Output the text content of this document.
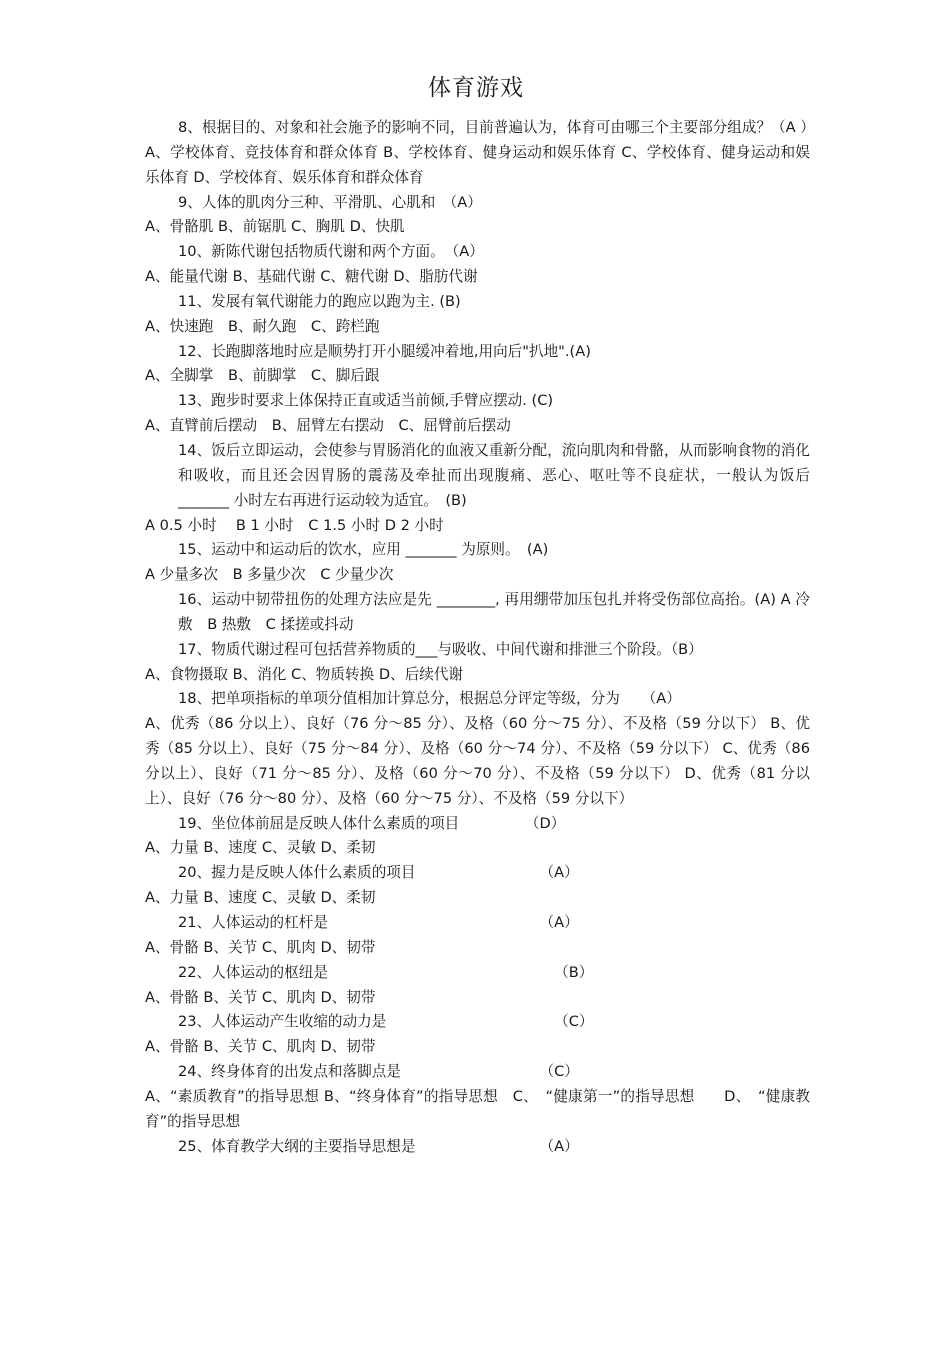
体育游戏

8、根据目的、对象和社会施予的影响不同，目前普遍认为，体育可由哪三个主要部分组成？（A ）

A、学校体育、竞技体育和群众体育 B、学校体育、健身运动和娱乐体育 C、学校体育、健身运动和娱乐体育 D、学校体育、娱乐体育和群众体育

9、人体的肌肉分三种、平滑肌、心肌和　（A）

A、骨骼肌 B、前锯肌 C、胸肌 D、快肌

10、新陈代谢包括物质代谢和两个方面。　（A）

A、能量代谢 B、基础代谢 C、糖代谢 D、脂肪代谢

11、发展有氧代谢能力的跑应以跑为主. (B)

A、快速跑　B、耐久跑　C、跨栏跑

12、长跑脚落地时应是顺势打开小腿缓冲着地,用向后"扒地".(A)

A、全脚掌　B、前脚掌　C、脚后跟

13、跑步时要求上体保持正直或适当前倾,手臂应摆动. (C)

A、直臂前后摆动　B、屈臂左右摆动　C、屈臂前后摆动

14、饭后立即运动，会使参与胃肠消化的血液又重新分配，流向肌肉和骨骼，从而影响食物的消化和吸收，而且还会因胃肠的震荡及牵扯而出现腹痛、恶心、呕吐等不良症状，一般认为饭后 _______ 小时左右再进行运动较为适宜。　(B)

A 0.5 小时　 B 1 小时　C 1.5 小时 D 2 小时

15、运动中和运动后的饮水，应用 _______ 为原则。　(A)

A 少量多次　B 多量少次　C 少量少次

16、运动中韧带扭伤的处理方法应是先 ________, 再用绷带加压包扎并将受伤部位高抬。(A) A 冷敷　B 热敷　C 揉搓或抖动

17、物质代谢过程可包括营养物质的___与吸收、中间代谢和排泄三个阶段。（B）

A、食物摄取 B、消化 C、物质转换 D、后续代谢

18、把单项指标的单项分值相加计算总分，根据总分评定等级，分为　　（A）

A、优秀（86 分以上）、良好（76 分～85 分）、及格（60 分～75 分）、不及格（59 分以下） B、优秀（85 分以上）、良好（75 分～84 分）、及格（60 分～74 分）、不及格（59 分以下） C、优秀（86 分以上）、良好（71 分～85 分）、及格（60 分～70 分）、不及格（59 分以下） D、优秀（81 分以上）、良好（76 分～80 分）、及格（60 分～75 分）、不及格（59 分以下）

19、坐位体前屈是反映人体什么素质的项目　　　　　（D）

A、力量 B、速度 C、灵敏 D、柔韧

20、握力是反映人体什么素质的项目　　　　　　　　　（A）

A、力量 B、速度 C、灵敏 D、柔韧

21、人体运动的杠杆是　　　　　　　　　　　　　　　（A）

A、骨骼 B、关节 C、肌肉 D、韧带

22、人体运动的枢纽是　　　　　　　　　　　　　　　　（B）

A、骨骼 B、关节 C、肌肉 D、韧带

23、人体运动产生收缩的动力是　　　　　　　　　　　　（C）

A、骨骼 B、关节 C、肌肉 D、韧带

24、终身体育的出发点和落脚点是　　　　　　　　　　（C）

A、“素质教育”的指导思想 B、“终身体育”的指导思想　C、　“健康第一”的指导思想　　D、　“健康教育”的指导思想

25、体育教学大纲的主要指导思想是　　　　　　　　　（A）
